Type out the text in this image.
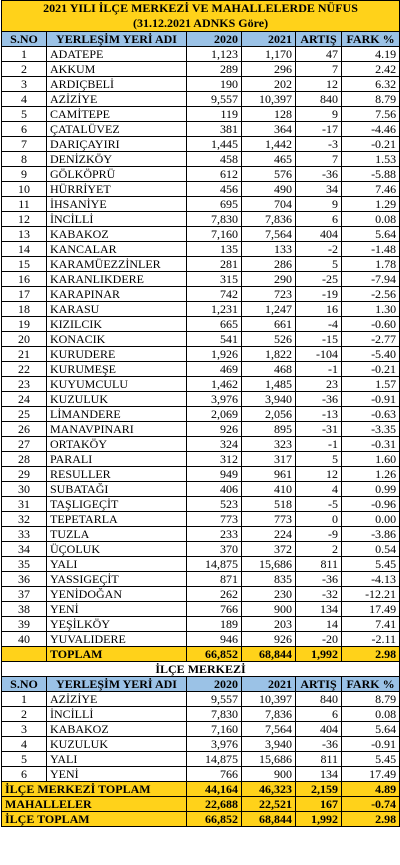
2021 YILI İLÇE MERKEZİ VE MAHALLELERDE NÜFUS
(31.12.2021 ADNKS Göre)					

S.NO	YERLEŞİM YERİ ADI	2020	2021	ARTIŞ	FARK %
1	ADATEPE	1,123	1,170	47	4.19
2	AKKUM	289	296	7	2.42
3	ARDIÇBELİ	190	202	12	6.32
4	AZİZİYE	9,557	10,397	840	8.79
5	CAMİTEPE	119	128	9	7.56
6	ÇATALÜVEZ	381	364	-17	-4.46
7	DARIÇAYIRI	1,445	1,442	-3	-0.21
8	DENİZKÖY	458	465	7	1.53
9	GÖLKÖPRÜ	612	576	-36	-5.88
10	HÜRRİYET	456	490	34	7.46
11	İHSANİYE	695	704	9	1.29
12	İNCİLLİ	7,830	7,836	6	0.08
13	KABAKOZ	7,160	7,564	404	5.64
14	KANCALAR	135	133	-2	-1.48
15	KARAMÜEZZİNLER	281	286	5	1.78
16	KARANLIKDERE	315	290	-25	-7.94
17	KARAPINAR	742	723	-19	-2.56
18	KARASU	1,231	1,247	16	1.30
19	KIZILCIK	665	661	-4	-0.60
20	KONACIK	541	526	-15	-2.77
21	KURUDERE	1,926	1,822	-104	-5.40
22	KURUMEŞE	469	468	-1	-0.21
23	KUYUMCULU	1,462	1,485	23	1.57
24	KUZULUK	3,976	3,940	-36	-0.91
25	LİMANDERE	2,069	2,056	-13	-0.63
26	MANAVPINARI	926	895	-31	-3.35
27	ORTAKÖY	324	323	-1	-0.31
28	PARALI	312	317	5	1.60
29	RESULLER	949	961	12	1.26
30	SUBATAĞI	406	410	4	0.99
31	TAŞLIGEÇİT	523	518	-5	-0.96
32	TEPETARLA	773	773	0	0.00
33	TUZLA	233	224	-9	-3.86
34	ÜÇOLUK	370	372	2	0.54
35	YALI	14,875	15,686	811	5.45
36	YASSIGEÇİT	871	835	-36	-4.13
37	YENİDOĞAN	262	230	-32	-12.21
38	YENİ	766	900	134	17.49
39	YEŞİLKÖY	189	203	14	7.41
40	YUVALIDERE	946	926	-20	-2.11
	TOPLAM	66,852	68,844	1,992	2.98
İLÇE MERKEZİ					
S.NO	YERLEŞİM YERİ ADI	2020	2021	ARTIŞ	FARK %
1	AZİZİYE	9,557	10,397	840	8.79
2	İNCİLLİ	7,830	7,836	6	0.08
3	KABAKOZ	7,160	7,564	404	5.64
4	KUZULUK	3,976	3,940	-36	-0.91
5	YALI	14,875	15,686	811	5.45
6	YENİ	766	900	134	17.49
İLÇE MERKEZİ TOPLAM		44,164	46,323	2,159	4.89
MAHALLELER		22,688	22,521	167	-0.74
İLÇE TOPLAM		66,852	68,844	1,992	2.98
